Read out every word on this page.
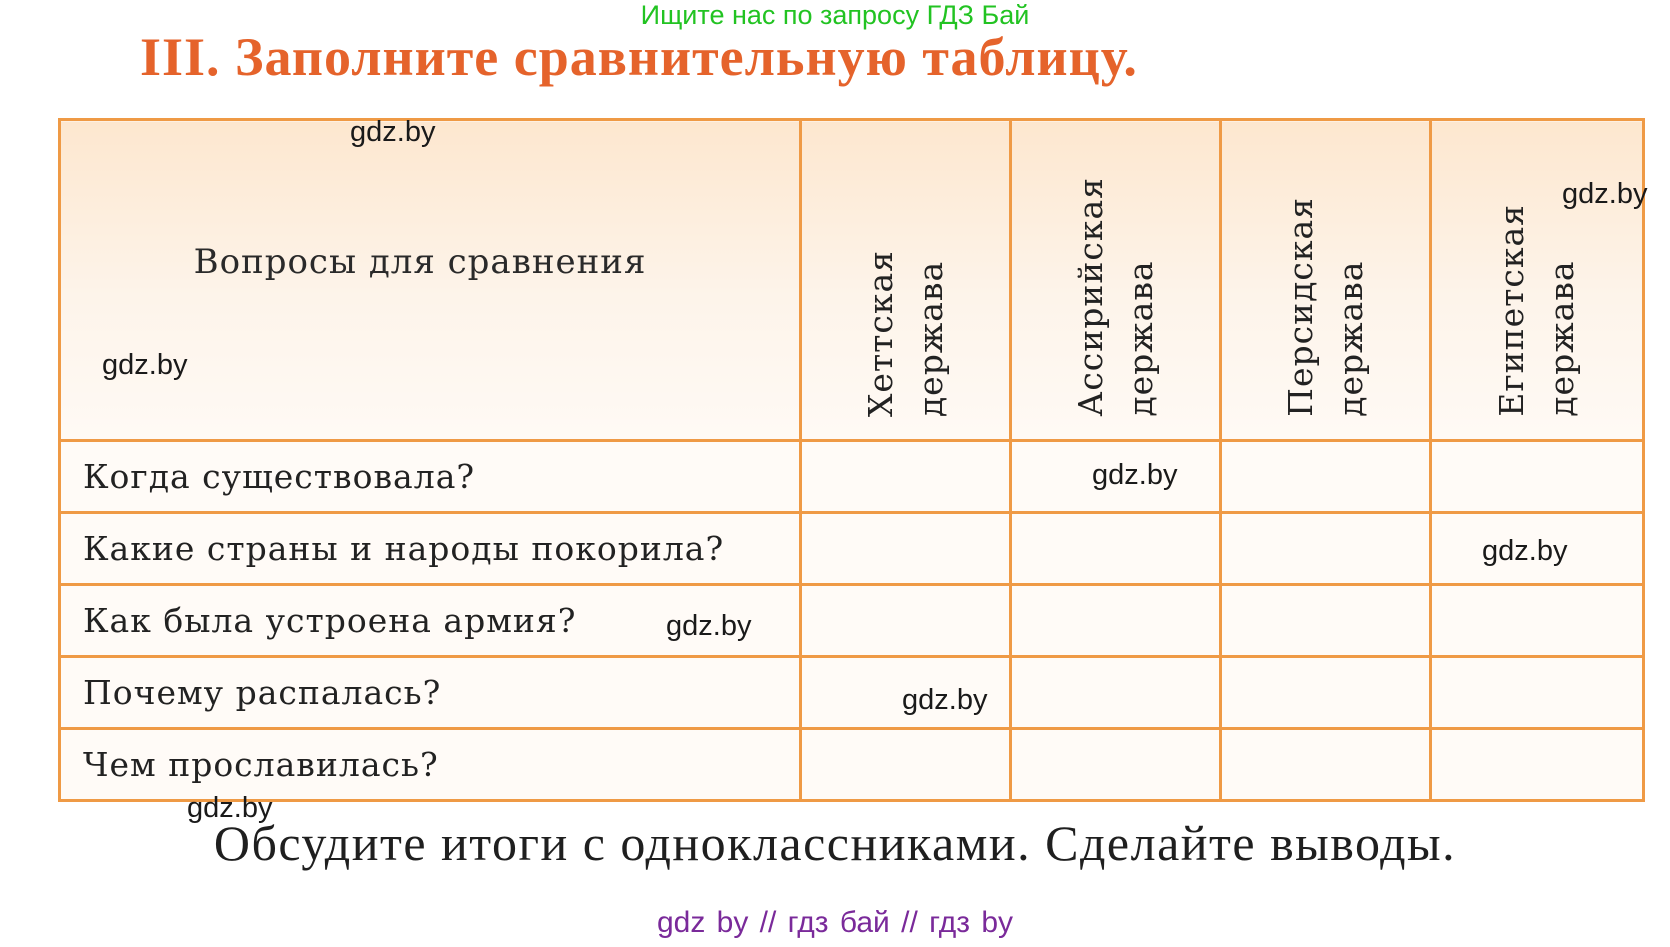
Ищите нас по запросу ГДЗ Бай
III. Заполните сравнительную таблицу.
Вопросы для сравнения	Хеттская держава	Ассирийская держава	Персидская держава	Египетская держава

Когда существовала?				
Какие страны и народы покорила?				
Как была устроена армия?				
Почему распалась?				
Чем прославилась?				
gdz.by
gdz.by
gdz.by
gdz.by
gdz.by
gdz.by
gdz.by
gdz.by
Обсудите итоги с одноклассниками. Сделайте выводы.
gdz by // гдз бай // гдз by
